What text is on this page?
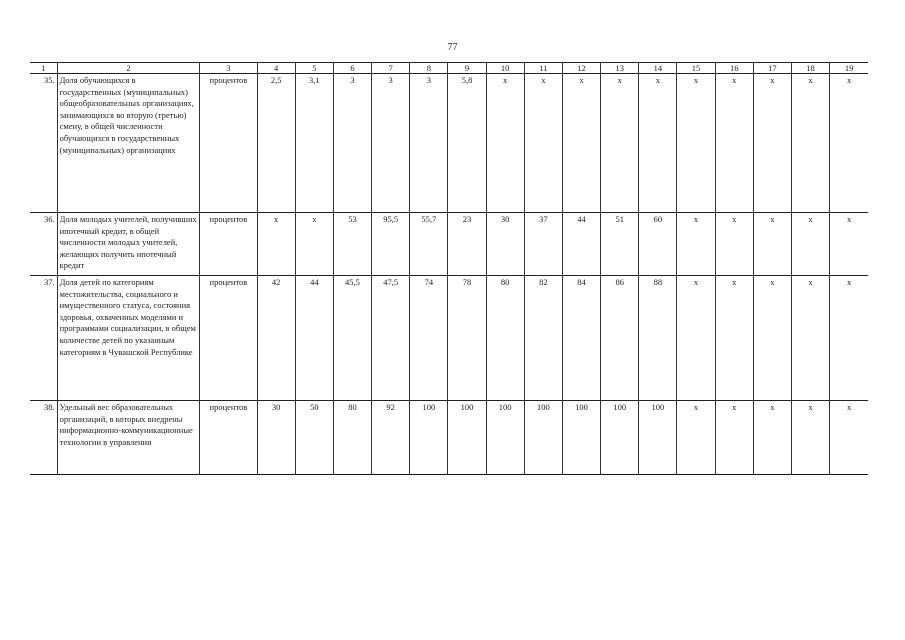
77
1	2	3	4	5	6	7	8	9	10	11	12	13	14	15	16	17	18	19
35.	Доля обучающихся в государственных (муниципальных) общеобразовательных организациях, занимающихся во вторую (третью) смену, в общей численности обучающихся в государственных (муниципальных) организациях	процентов	2,5	3,1	3	3	3	5,8	х	х	х	х	х	х	х	х	х	х
36.	Доля молодых учителей, получивших ипотечный кредит, в общей численности молодых учителей, желающих получить ипотечный кредит	процентов	х	х	53	95,5	55,7	23	30	37	44	51	60	х	х	х	х	х
37.	Доля детей по категориям местожительства, социального и имущественного статуса, состояния здоровья, охваченных моделями и программами социализации, в общем количестве детей по указанным категориям в Чувашской Республике	процентов	42	44	45,5	47,5	74	78	80	82	84	86	88	х	х	х	х	х
38.	Удельный вес образовательных организаций, в которых внедрены информационно-коммуникационные технологии в управлении	процентов	30	50	80	92	100	100	100	100	100	100	100	х	х	х	х	х
